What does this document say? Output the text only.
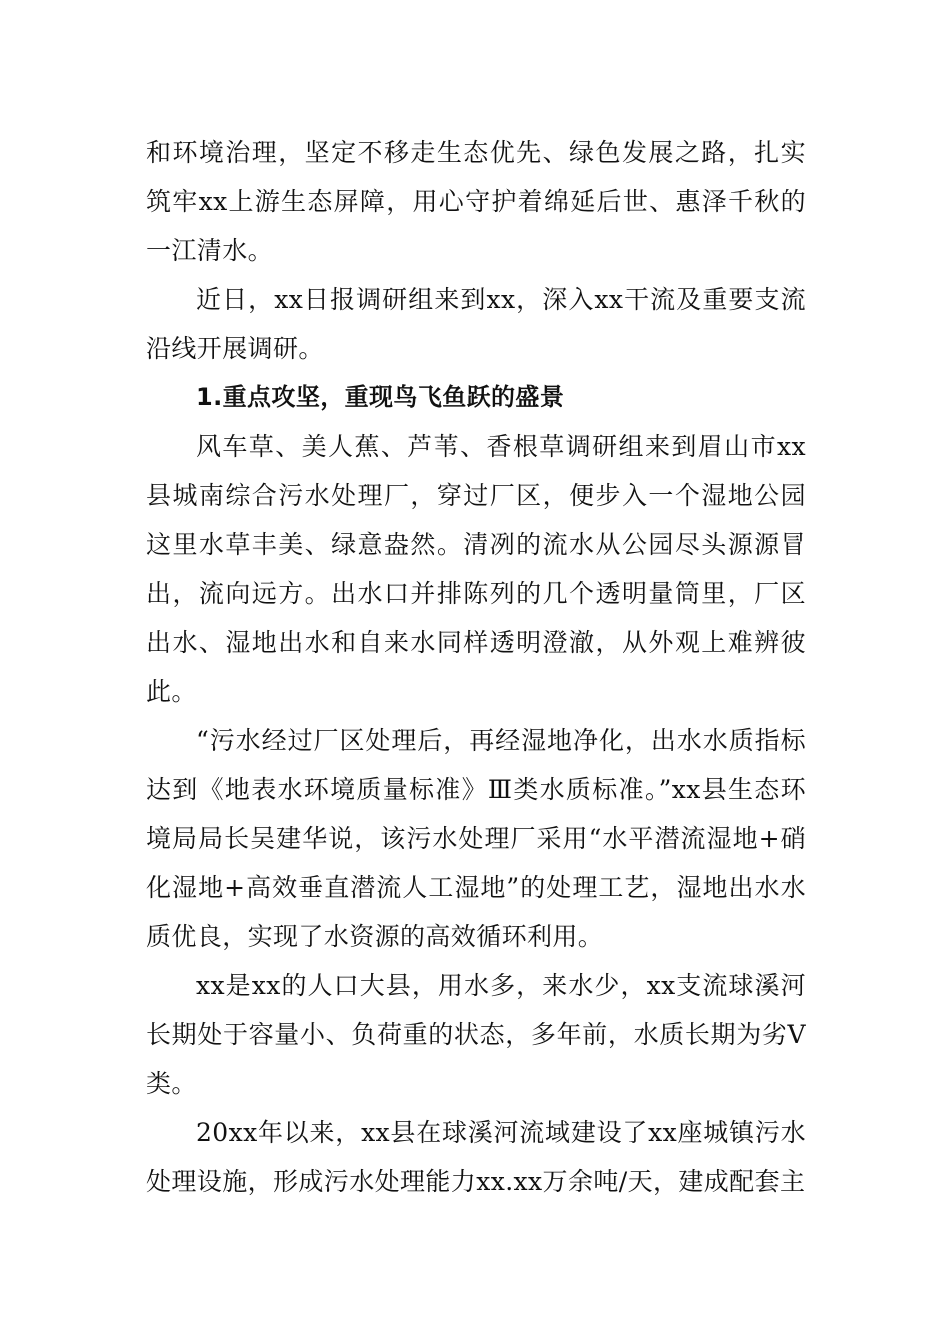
和环境治理，坚定不移走生态优先、绿色发展之路，扎实筑牢xx上游生态屏障，用心守护着绵延后世、惠泽千秋的一江清水。

近日，xx日报调研组来到xx，深入xx干流及重要支流沿线开展调研。

1.重点攻坚，重现鸟飞鱼跃的盛景

风车草、美人蕉、芦苇、香根草调研组来到眉山市xx县城南综合污水处理厂，穿过厂区，便步入一个湿地公园这里水草丰美、绿意盎然。清冽的流水从公园尽头源源冒出，流向远方。出水口并排陈列的几个透明量筒里，厂区出水、湿地出水和自来水同样透明澄澈，从外观上难辨彼此。

“污水经过厂区处理后，再经湿地净化，出水水质指标达到《地表水环境质量标准》Ⅲ类水质标准。”xx县生态环境局局长吴建华说，该污水处理厂采用“水平潜流湿地+硝化湿地+高效垂直潜流人工湿地”的处理工艺，湿地出水水质优良，实现了水资源的高效循环利用。

xx是xx的人口大县，用水多，来水少，xx支流球溪河长期处于容量小、负荷重的状态，多年前，水质长期为劣Ⅴ类。

20xx年以来，xx县在球溪河流域建设了xx座城镇污水处理设施，形成污水处理能力xx.xx万余吨/天，建成配套主
